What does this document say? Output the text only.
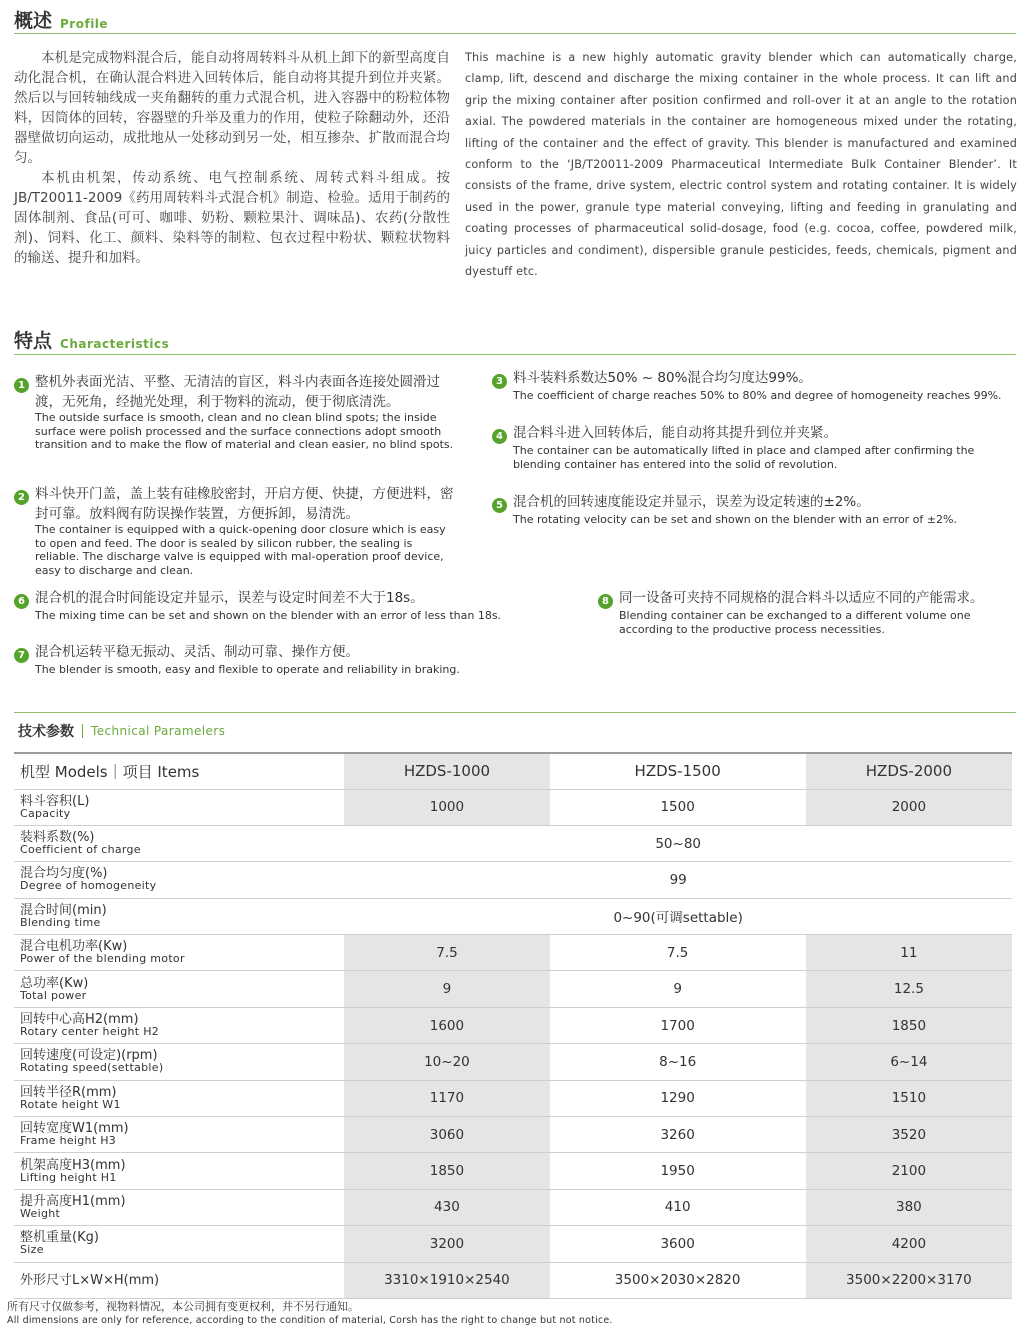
概述 Profile

本机是完成物料混合后，能自动将周转料斗从机上卸下的新型高度自动化混合机，在确认混合料进入回转体后，能自动将其提升到位并夹紧。然后以与回转轴线成一夹角翻转的重力式混合机，进入容器中的粉粒体物料，因筒体的回转，容器壁的升举及重力的作用，使粒子除翻动外，还沿器壁做切向运动，成批地从一处移动到另一处，相互掺杂、扩散而混合均匀。

本机由机架，传动系统、电气控制系统、周转式料斗组成。按JB/T20011-2009《药用周转料斗式混合机》制造、检验。适用于制药的固体制剂、食品(可可、咖啡、奶粉、颗粒果汁、调味品)、农药(分散性剂)、饲料、化工、颜料、染料等的制粒、包衣过程中粉状、颗粒状物料的输送、提升和加料。

This machine is a new highly automatic gravity blender which can automatically charge, clamp, lift, descend and discharge the mixing container in the whole process. It can lift and grip the mixing container after position confirmed and roll-over it at an angle to the rotation axial. The powdered materials in the container are homogeneous mixed under the rotating, lifting of the container and the effect of gravity. This blender is manufactured and examined conform to the ‘JB/T20011-2009 Pharmaceutical Intermediate Bulk Container Blender’. It consists of the frame, drive system, electric control system and rotating container. It is widely used in the power, granule type material conveying, lifting and feeding in granulating and coating processes of pharmaceutical solid-dosage, food (e.g. cocoa, coffee, powdered milk, juicy particles and condiment), dispersible granule pesticides, feeds, chemicals, pigment and dyestuff etc.

特点 Characteristics
1 整机外表面光洁、平整、无清洁的盲区，料斗内表面各连接处圆滑过渡，无死角，经抛光处理，利于物料的流动，便于彻底清洗。
The outside surface is smooth, clean and no clean blind spots; the inside surface were polish processed and the surface connections adopt smooth transition and to make the flow of material and clean easier, no blind spots.
2 料斗快开门盖，盖上装有硅橡胶密封，开启方便、快捷，方便进料，密封可靠。放料阀有防误操作装置，方便拆卸，易清洗。
The container is equipped with a quick-opening door closure which is easy to open and feed. The door is sealed by silicon rubber, the sealing is reliable. The discharge valve is equipped with mal-operation proof device, easy to discharge and clean.
3 料斗装料系数达50% ~ 80%混合均匀度达99%。
The coefficient of charge reaches 50% to 80% and degree of homogeneity reaches 99%.
4 混合料斗进入回转体后，能自动将其提升到位并夹紧。
The container can be automatically lifted in place and clamped after confirming the blending container has entered into the solid of revolution.
5 混合机的回转速度能设定并显示，误差为设定转速的±2%。
The rotating velocity can be set and shown on the blender with an error of ±2%.
6 混合机的混合时间能设定并显示，误差与设定时间差不大于18s。
The mixing time can be set and shown on the blender with an error of less than 18s.
7 混合机运转平稳无振动、灵活、制动可靠、操作方便。
The blender is smooth, easy and flexible to operate and reliability in braking.
8 同一设备可夹持不同规格的混合料斗以适应不同的产能需求。
Blending container can be exchanged to a different volume one according to the productive process necessities.
技术参数 Technical Paramelers
机型 Models｜项目 Items	HZDS-1000	HZDS-1500	HZDS-2000

料斗容积(L)
Capacity	1000	1500	2000

装料系数(%)
Coefficient of charge	50~80		

混合均匀度(%)
Degree of homogeneity	99		

混合时间(min)
Blending time	0~90(可调settable)		

混合电机功率(Kw)
Power of the blending motor	7.5	7.5	11

总功率(Kw)
Total power	9	9	12.5

回转中心高H2(mm)
Rotary center height H2	1600	1700	1850

回转速度(可设定)(rpm)
Rotating speed(settable)	10~20	8~16	6~14

回转半径R(mm)
Rotate height W1	1170	1290	1510

回转宽度W1(mm)
Frame height H3	3060	3260	3520

机架高度H3(mm)
Lifting height H1	1850	1950	2100

提升高度H1(mm)
Weight	430	410	380

整机重量(Kg)
Size	3200	3600	4200

外形尺寸L×W×H(mm)	3310×1910×2540	3500×2030×2820	3500×2200×3170
所有尺寸仅做参考，视物料情况，本公司拥有变更权利，并不另行通知。
All dimensions are only for reference, according to the condition of material, Corsh has the right to change but not notice.
